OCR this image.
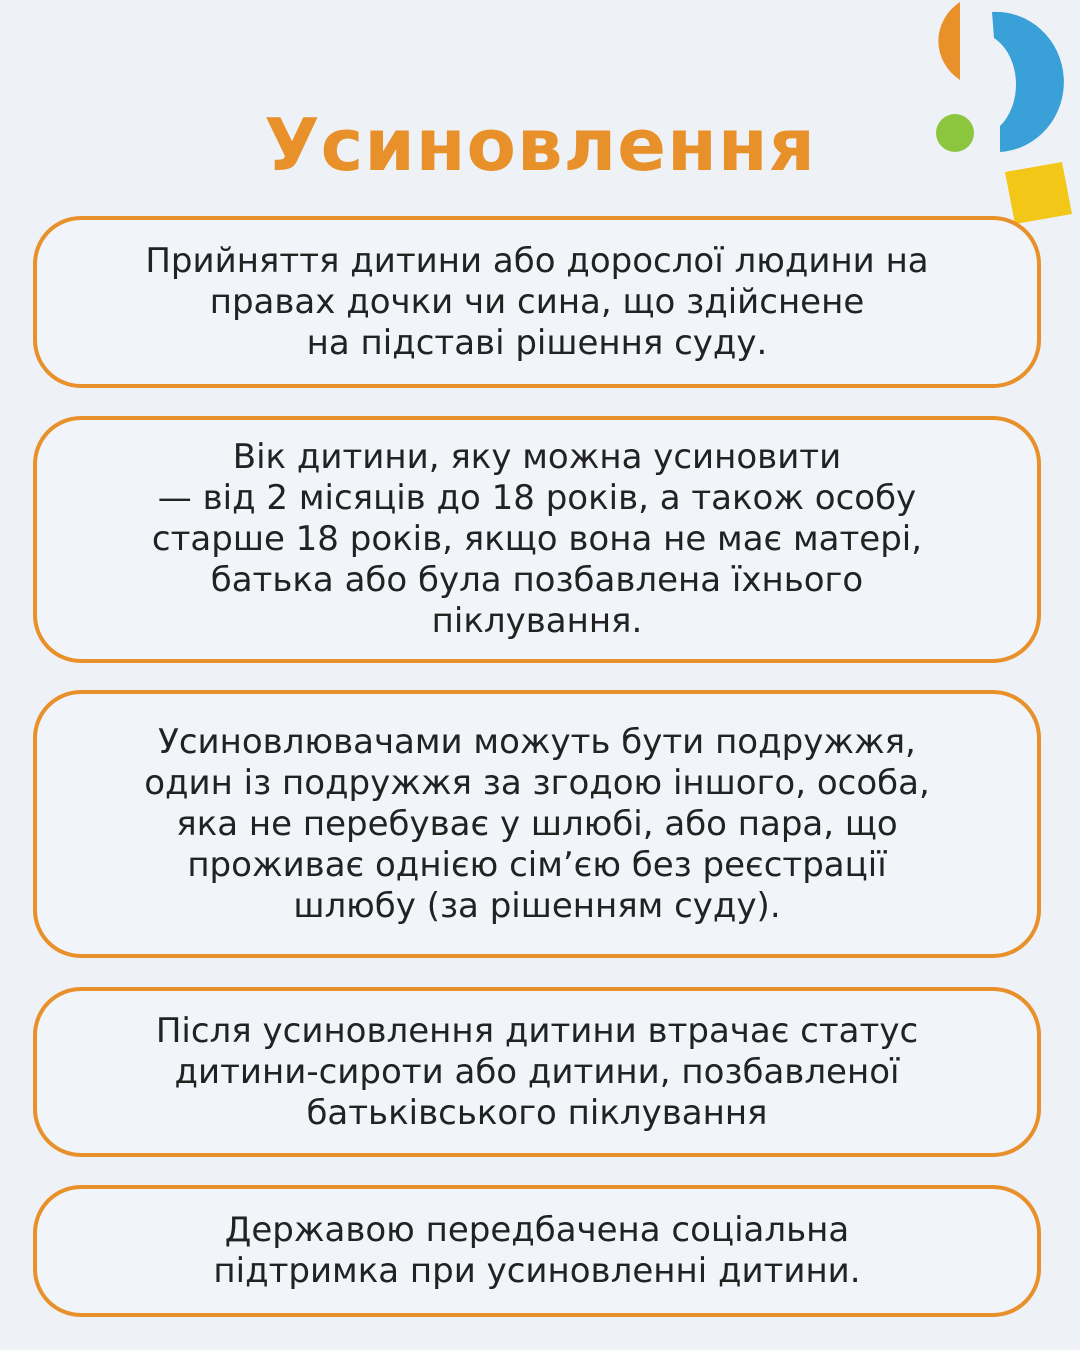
Усиновлення
Прийняття дитини або дорослої людини на
правах дочки чи сина, що здійснене
на підставі рішення суду.
Вік дитини, яку можна усиновити
— від 2 місяців до 18 років, а також особу
старше 18 років, якщо вона не має матері,
батька або була позбавлена їхнього
піклування.
Усиновлювачами можуть бути подружжя,
один із подружжя за згодою іншого, особа,
яка не перебуває у шлюбі, або пара, що
проживає однією сім’єю без реєстрації
шлюбу (за рішенням суду).
Після усиновлення дитини втрачає статус
дитини-сироти або дитини, позбавленої
батьківського піклування
Державою передбачена соціальна
підтримка при усиновленні дитини.
